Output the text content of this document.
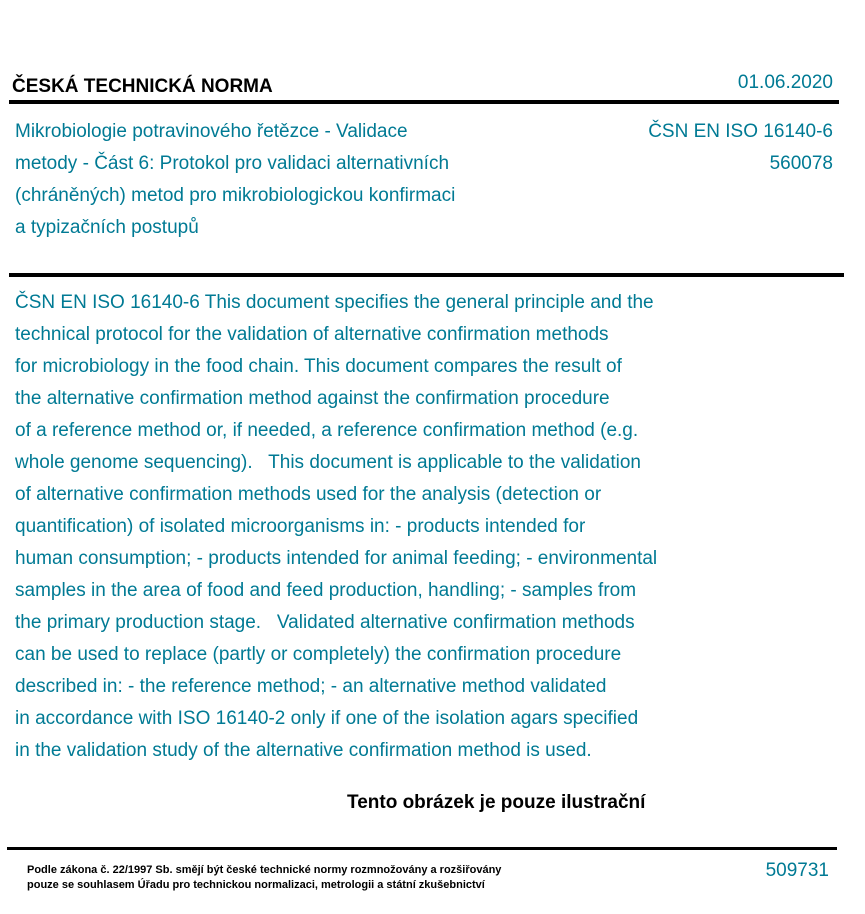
ČESKÁ TECHNICKÁ NORMA	01.06.2020
Mikrobiologie potravinového řetězce - Validace
metody - Část 6: Protokol pro validaci alternativních
(chráněných) metod pro mikrobiologickou konfirmaci
a typizačních postupů
ČSN EN ISO 16140-6
560078
ČSN EN ISO 16140-6 This document specifies the general principle and the
technical protocol for the validation of alternative confirmation methods
for microbiology in the food chain. This document compares the result of
the alternative confirmation method against the confirmation procedure
of a reference method or, if needed, a reference confirmation method (e.g.
whole genome sequencing).   This document is applicable to the validation
of alternative confirmation methods used for the analysis (detection or
quantification) of isolated microorganisms in: - products intended for
human consumption; - products intended for animal feeding; - environmental
samples in the area of food and feed production, handling; - samples from
the primary production stage.   Validated alternative confirmation methods
can be used to replace (partly or completely) the confirmation procedure
described in: - the reference method; - an alternative method validated
in accordance with ISO 16140-2 only if one of the isolation agars specified
in the validation study of the alternative confirmation method is used.
Tento obrázek je pouze ilustrační
Podle zákona č. 22/1997 Sb. smějí být české technické normy rozmnožovány a rozšiřovány
pouze se souhlasem Úřadu pro technickou normalizaci, metrologii a státní zkušebnictví
509731
